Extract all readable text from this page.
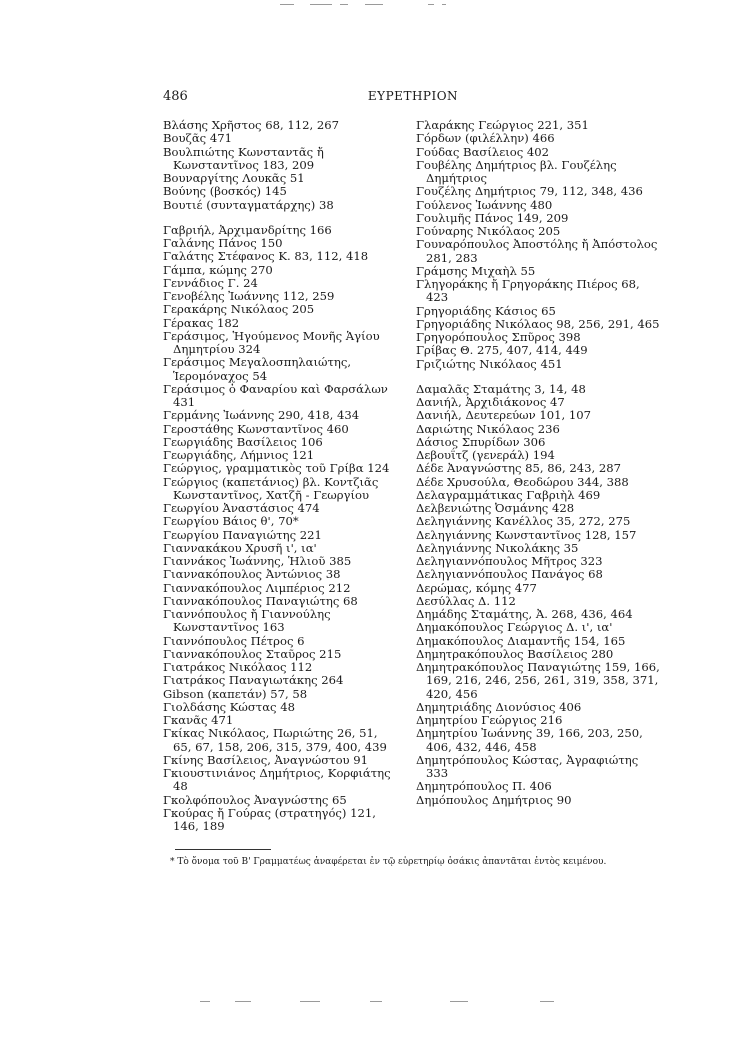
486	ΕΥΡΕΤΗΡΙΟΝ

Βλάσης Χρῆστος 68, 112, 267

Βουζᾶς 471

Βουλπιώτης Κωνσταντᾶς ἤ Κωνσταντῖνος 183, 209

Βουναργίτης Λουκᾶς 51

Βούνης (βοσκός) 145

Βουτιέ (συνταγματάρχης) 38

Γαβριήλ, Ἀρχιμανδρίτης 166

Γαλάνης Πάνος 150

Γαλάτης Στέφανος Κ. 83, 112, 418

Γάμπα, κώμης 270

Γεννάδιος Γ. 24

Γενοβέλης Ἰωάννης 112, 259

Γερακάρης Νικόλαος 205

Γέρακας 182

Γεράσιμος, Ἡγούμενος Μονῆς Ἁγίου Δημητρίου 324

Γεράσιμος Μεγαλοσπηλαιώτης, Ἱερομόναχος 54

Γεράσιμος ὁ Φαναρίου καὶ Φαρσάλων 431

Γερμάνης Ἰωάννης 290, 418, 434

Γεροστάθης Κωνσταντῖνος 460

Γεωργιάδης Βασίλειος 106

Γεωργιάδης, Λήμνιος 121

Γεώργιος, γραμματικὸς τοῦ Γρίβα 124

Γεώργιος (καπετάνιος) βλ. Κοντζιᾶς Κωνσταντῖνος, Χατζῆ - Γεωργίου

Γεωργίου Ἀναστάσιος 474

Γεωργίου Βάιος θ', 70*

Γεωργίου Παναγιώτης 221

Γιαννακάκου Χρυσῆ ι', ια'

Γιαννάκος Ἰωάννης, Ἡλιοῦ 385

Γιαννακόπουλος Ἀντώνιος 38

Γιαννακόπουλος Λιμπέριος 212

Γιαννακόπουλος Παναγιώτης 68

Γιαννόπουλος ἤ Γιαννούλης Κωνσταντῖνος 163

Γιαννόπουλος Πέτρος 6

Γιαννακόπουλος Σταῦρος 215

Γιατράκος Νικόλαος 112

Γιατράκος Παναγιωτάκης 264

Gibson (καπετάν) 57, 58

Γιολδάσης Κώστας 48

Γκανᾶς 471

Γκίκας Νικόλαος, Πωριώτης 26, 51, 65, 67, 158, 206, 315, 379, 400, 439

Γκίνης Βασίλειος, Ἀναγνώστου 91

Γκιουστινιάνος Δημήτριος, Κορφιάτης 48

Γκολφόπουλος Ἀναγνώστης 65

Γκούρας ἤ Γούρας (στρατηγός) 121, 146, 189

Γλαράκης Γεώργιος 221, 351

Γόρδων (φιλέλλην) 466

Γούδας Βασίλειος 402

Γουβέλης Δημήτριος βλ. Γουζέλης Δημήτριος

Γουζέλης Δημήτριος 79, 112, 348, 436

Γούλενος Ἰωάννης 480

Γουλιμῆς Πάνος 149, 209

Γούναρης Νικόλαος 205

Γουναρόπουλος Ἀποστόλης ἤ Ἀπόστολος 281, 283

Γράμσης Μιχαὴλ 55

Γληγοράκης ἤ Γρηγοράκης Πιέρος 68, 423

Γρηγοριάδης Κάσιος 65

Γρηγοριάδης Νικόλαος 98, 256, 291, 465

Γρηγορόπουλος Σπῦρος 398

Γρίβας Θ. 275, 407, 414, 449

Γριζιώτης Νικόλαος 451

Δαμαλᾶς Σταμάτης 3, 14, 48

Δανιήλ, Ἀρχιδιάκονος 47

Δανιήλ, Δευτερεύων 101, 107

Δαριώτης Νικόλαος 236

Δάσιος Σπυρίδων 306

Δεβουΐτζ (γενεράλ) 194

Δέδε Ἀναγνώστης 85, 86, 243, 287

Δέδε Χρυσούλα, Θεοδώρου 344, 388

Δελαγραμμάτικας Γαβριὴλ 469

Δελβενιώτης Ὀσμάνης 428

Δεληγιάννης Κανέλλος 35, 272, 275

Δεληγιάννης Κωνσταντῖνος 128, 157

Δεληγιάννης Νικολάκης 35

Δεληγιαννόπουλος Μῆτρος 323

Δεληγιαννόπουλος Πανάγος 68

Δερώμας, κόμης 477

Δεσύλλας Δ. 112

Δημάδης Σταμάτης, Ἀ. 268, 436, 464

Δημακόπουλος Γεώργιος Δ. ι', ια'

Δημακόπουλος Διαμαντῆς 154, 165

Δημητρακόπουλος Βασίλειος 280

Δημητρακόπουλος Παναγιώτης 159, 166, 169, 216, 246, 256, 261, 319, 358, 371, 420, 456

Δημητριάδης Διονύσιος 406

Δημητρίου Γεώργιος 216

Δημητρίου Ἰωάννης 39, 166, 203, 250, 406, 432, 446, 458

Δημητρόπουλος Κώστας, Ἀγραφιώτης 333

Δημητρόπουλος Π. 406

Δημόπουλος Δημήτριος 90

* Τὸ ὄνομα τοῦ Β' Γραμματέως ἀναφέρεται ἐν τῷ εὑρετηρίῳ ὁσάκις ἀπαντᾶται ἐντὸς κειμένου.
